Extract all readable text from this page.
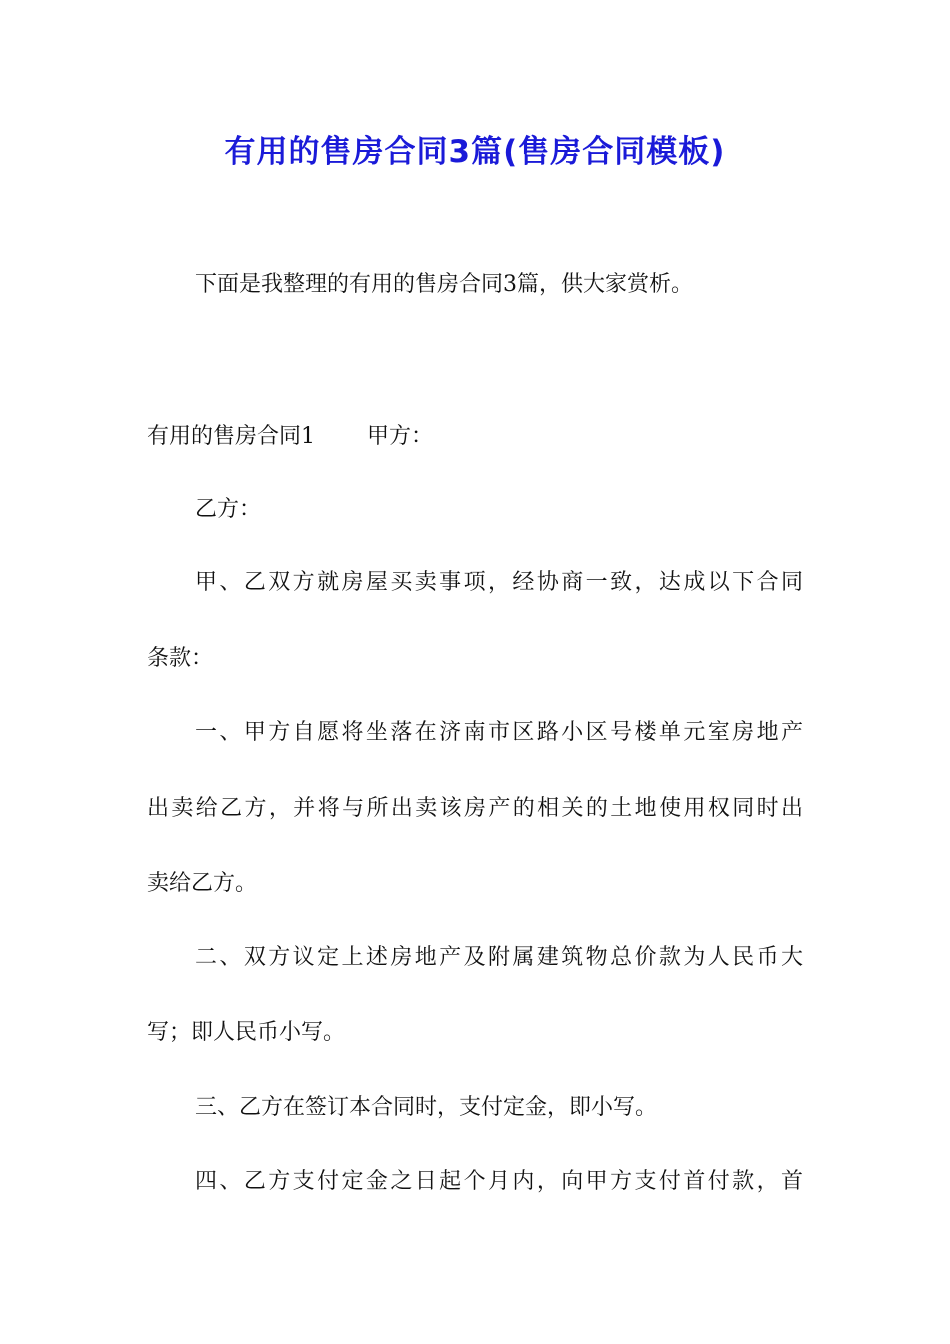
有用的售房合同3篇(售房合同模板)
下面是我整理的有用的售房合同3篇，供大家赏析。
有用的售房合同1 甲方：
乙方：
甲、乙双方就房屋买卖事项，经协商一致，达成以下合同
条款：
一、甲方自愿将坐落在济南市区路小区号楼单元室房地产
出卖给乙方，并将与所出卖该房产的相关的土地使用权同时出
卖给乙方。
二、双方议定上述房地产及附属建筑物总价款为人民币大
写；即人民币小写。
三、乙方在签订本合同时，支付定金，即小写。
四、乙方支付定金之日起个月内，向甲方支付首付款，首
